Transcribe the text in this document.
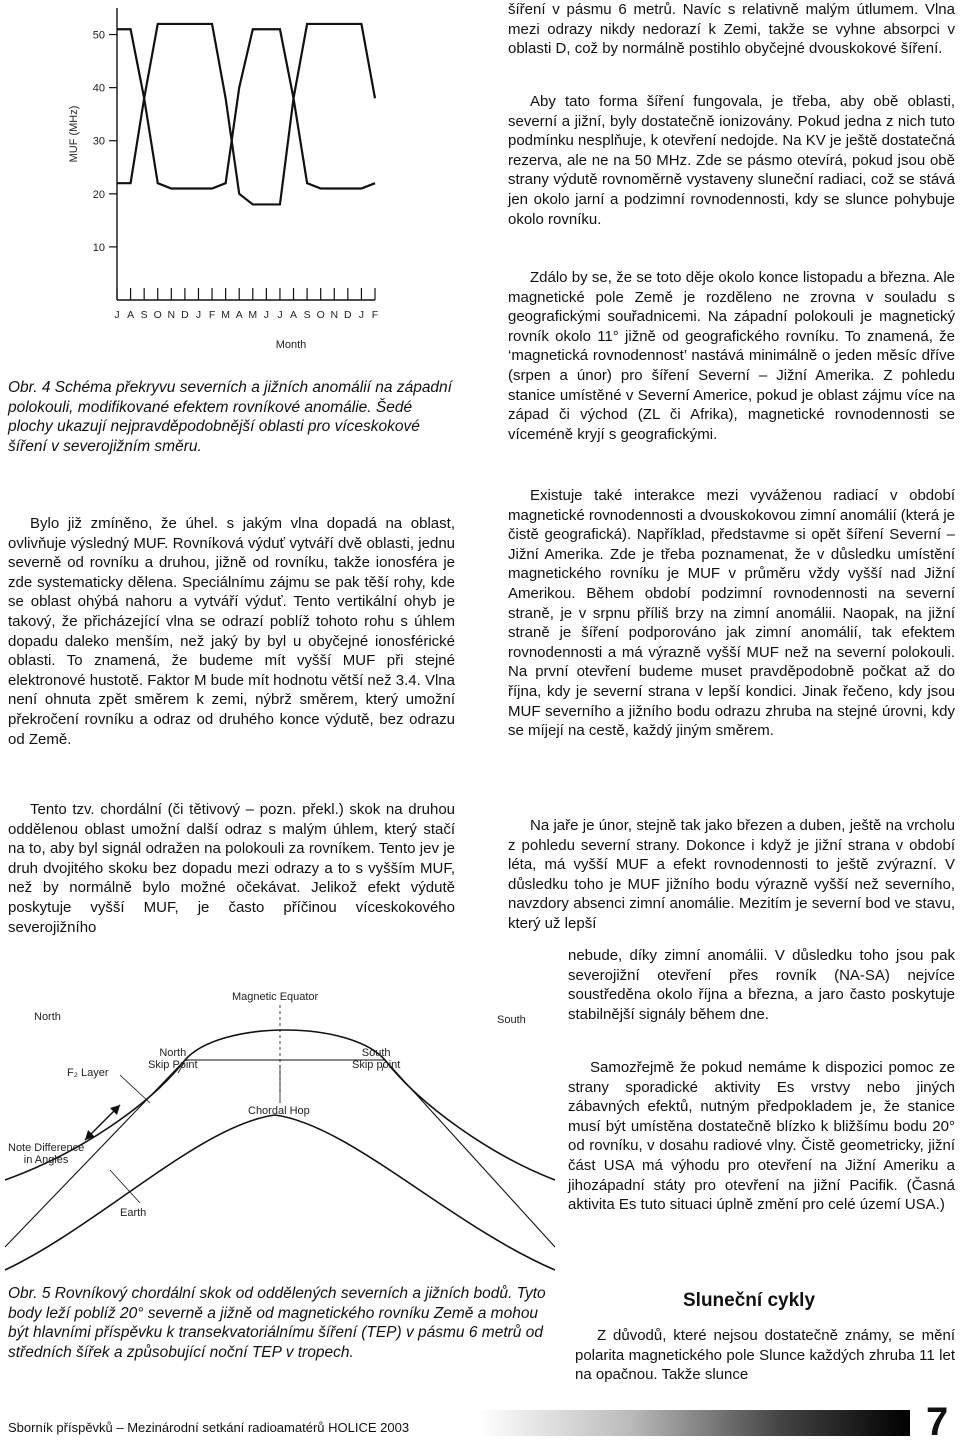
10
20
30
40
50
J A S O N D J F M A M J J A S O N D J F
MUF (MHz)
Month

Obr. 4 Schéma překryvu severních a jižních anomálií na západní polokouli, modifikované efektem rovníkové anomálie. Šedé plochy ukazují nejpravděpodobnější oblasti pro víceskokové šíření v severojižním směru.

Bylo již zmíněno, že úhel. s jakým vlna dopadá na oblast, ovlivňuje výsledný MUF. Rovníková výduť vytváří dvě oblasti, jednu severně od rovníku a druhou, jižně od rovníku, takže ionosféra je zde systematicky dělena. Speciálnímu zájmu se pak těší rohy, kde se oblast ohýbá nahoru a vytváří výduť. Tento vertikální ohyb je takový, že přicházející vlna se odrazí poblíž tohoto rohu s úhlem dopadu daleko menším, než jaký by byl u obyčejné ionosférické oblasti. To znamená, že budeme mít vyšší MUF při stejné elektronové hustotě. Faktor M bude mít hodnotu větší než 3.4. Vlna není ohnuta zpět směrem k zemi, nýbrž směrem, který umožní překročení rovníku a odraz od druhého konce výdutě, bez odrazu od Země.

Tento tzv. chordální (či tětivový – pozn. překl.) skok na druhou oddělenou oblast umožní další odraz s malým úhlem, který stačí na to, aby byl signál odražen na polokouli za rovníkem. Tento jev je druh dvojitého skoku bez dopadu mezi odrazy a to s vyšším MUF, než by normálně bylo možné očekávat. Jelikož efekt výdutě poskytuje vyšší MUF, je často příčinou víceskokového severojižního

North	South
Magnetic Equator
North
Skip Point
South
Skip point
F₂ Layer
Chordal Hop
Note Difference
in Angles
Earth

Obr. 5 Rovníkový chordální skok od oddělených severních a jižních bodů. Tyto body leží poblíž 20° severně a jižně od magnetického rovníku Země a mohou být hlavními příspěvku k transekvatoriálnímu šíření (TEP) v pásmu 6 metrů od středních šířek a způsobující noční TEP v tropech.

šíření v pásmu 6 metrů. Navíc s relativně malým útlumem. Vlna mezi odrazy nikdy nedorazí k Zemi, takže se vyhne absorpci v oblasti D, což by normálně postihlo obyčejné dvouskokové šíření.

Aby tato forma šíření fungovala, je třeba, aby obě oblasti, severní a jižní, byly dostatečně ionizovány. Pokud jedna z nich tuto podmínku nesplňuje, k otevření nedojde. Na KV je ještě dostatečná rezerva, ale ne na 50 MHz. Zde se pásmo otevírá, pokud jsou obě strany výdutě rovnoměrně vystaveny sluneční radiaci, což se stává jen okolo jarní a podzimní rovnodennosti, kdy se slunce pohybuje okolo rovníku.

Zdálo by se, že se toto děje okolo konce listopadu a března. Ale magnetické pole Země je rozděleno ne zrovna v souladu s geografickými souřadnicemi. Na západní polokouli je magnetický rovník okolo 11° jižně od geografického rovníku. To znamená, že ‘magnetická rovnodennost’ nastává minimálně o jeden měsíc dříve (srpen a únor) pro šíření Severní – Jižní Amerika. Z pohledu stanice umístěné v Severní Americe, pokud je oblast zájmu více na západ či východ (ZL či Afrika), magnetické rovnodennosti se víceméně kryjí s geografickými.

Existuje také interakce mezi vyváženou radiací v období magnetické rovnodennosti a dvouskokovou zimní anomálií (která je čistě geografická). Například, představme si opět šíření Severní – Jižní Amerika. Zde je třeba poznamenat, že v důsledku umístění magnetického rovníku je MUF v průměru vždy vyšší nad Jižní Amerikou. Během období podzimní rovnodennosti na severní straně, je v srpnu příliš brzy na zimní anomálii. Naopak, na jižní straně je šíření podporováno jak zimní anomálií, tak efektem rovnodennosti a má výrazně vyšší MUF než na severní polokouli. Na první otevření budeme muset pravděpodobně počkat až do října, kdy je severní strana v lepší kondici. Jinak řečeno, kdy jsou MUF severního a jižního bodu odrazu zhruba na stejné úrovni, kdy se míjejí na cestě, každý jiným směrem.

Na jaře je únor, stejně tak jako březen a duben, ještě na vrcholu z pohledu severní strany. Dokonce i když je jižní strana v období léta, má vyšší MUF a efekt rovnodennosti to ještě zvýrazní. V důsledku toho je MUF jižního bodu výrazně vyšší než severního, navzdory absenci zimní anomálie. Mezitím je severní bod ve stavu, který už lepší

nebude, díky zimní anomálii. V důsledku toho jsou pak severojižní otevření přes rovník (NA-SA) nejvíce soustředěna okolo října a března, a jaro často poskytuje stabilnější signály během dne.

Samozřejmě že pokud nemáme k dispozici pomoc ze strany sporadické aktivity Es vrstvy nebo jiných zábavných efektů, nutným předpokladem je, že stanice musí být umístěna dostatečně blízko k bližšímu bodu 20° od rovníku, v dosahu radiové vlny. Čistě geometricky, jižní část USA má výhodu pro otevření na Jižní Ameriku a jihozápadní státy pro otevření na jižní Pacifik. (Časná aktivita Es tuto situaci úplně změní pro celé území USA.)

Sluneční cykly

Z důvodů, které nejsou dostatečně známy, se mění polarita magnetického pole Slunce každých zhruba 11 let na opačnou. Takže slunce

Sborník příspěvků – Mezinárodní setkání radioamatérů HOLICE 2003	7
